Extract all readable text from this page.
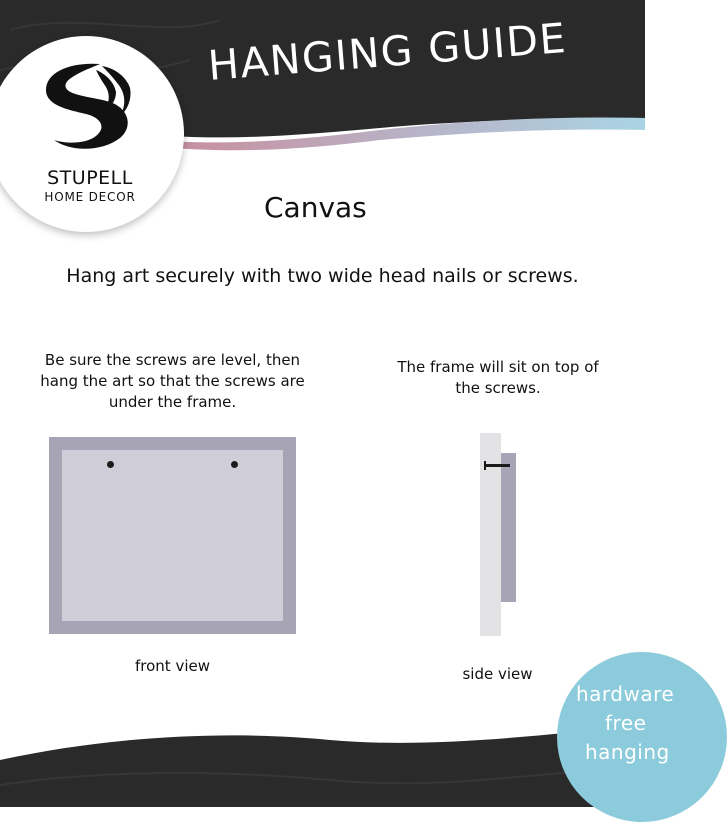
HANGING GUIDE
STUPELL
HOME DECOR	Canvas
Hang art securely with two wide head nails or screws.
Be sure the screws are level, then hang the art so that the screws are under the frame.
front view
The frame will sit on top of the screws.
side view
hardware
free
hanging
